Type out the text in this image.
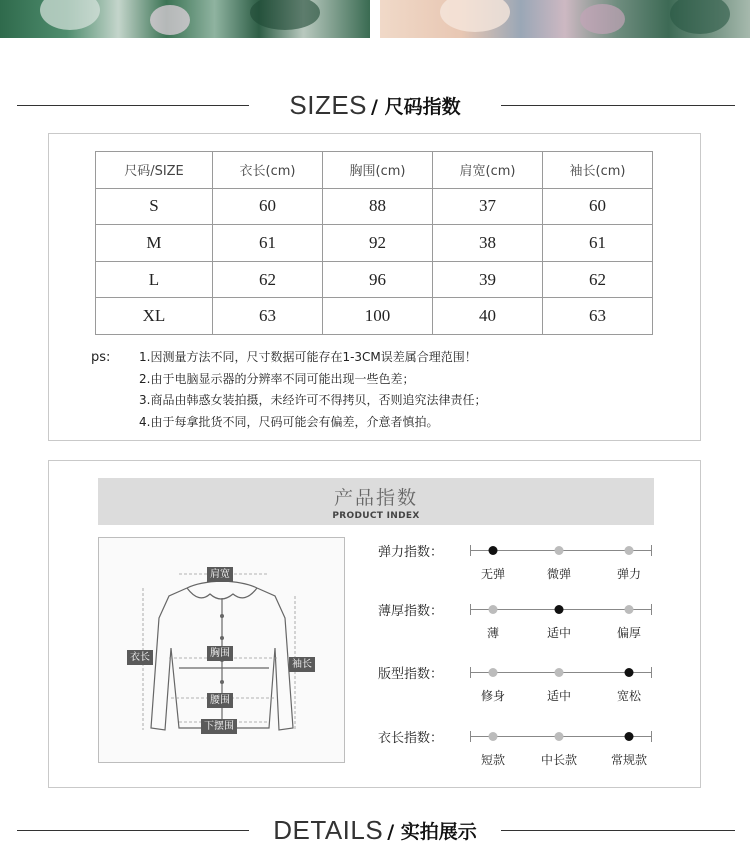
SIZES / 尺码指数
尺码/SIZE	衣长(cm)	胸围(cm)	肩宽(cm)	袖长(cm)
S	60	88	37	60
M	61	92	38	61
L	62	96	39	62
XL	63	100	40	63
ps: 1.因测量方法不同，尺寸数据可能存在1-3CM误差属合理范围！
2.由于电脑显示器的分辨率不同可能出现一些色差；
3.商品由韩惑女装拍摄，未经许可不得拷贝，否则追究法律责任；
4.由于每拿批货不同，尺码可能会有偏差，介意者慎拍。
产品指数
PRODUCT INDEX
肩宽
衣长	胸围
袖长
腰围
下摆围
弹力指数：
无弹	微弹	弹力
薄厚指数：
薄	适中	偏厚
版型指数：
修身	适中	宽松
衣长指数：
短款	中长款	常规款
DETAILS / 实拍展示
